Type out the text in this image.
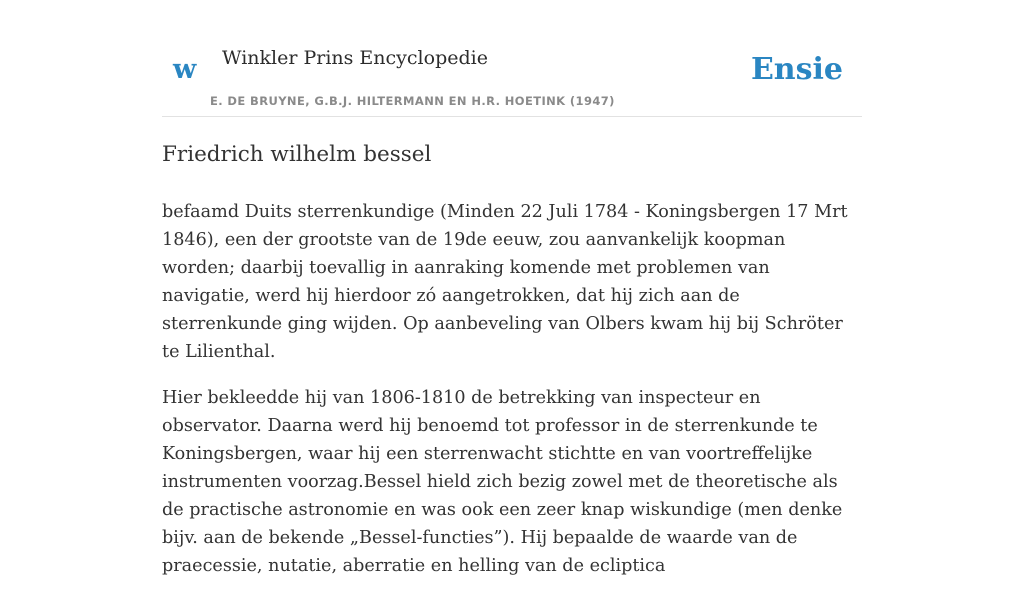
w Winkler Prins Encyclopedie
E. DE BRUYNE, G.B.J. HILTERMANN EN H.R. HOETINK (1947)
Ensie
Friedrich wilhelm bessel

befaamd Duits sterrenkundige (Minden 22 Juli 1784 - Koningsbergen 17 Mrt 1846), een der grootste van de 19de eeuw, zou aanvankelijk koopman worden; daarbij toevallig in aanraking komende met problemen van navigatie, werd hij hierdoor zó aangetrokken, dat hij zich aan de sterrenkunde ging wijden. Op aanbeveling van Olbers kwam hij bij Schröter te Lilienthal.

Hier bekleedde hij van 1806-1810 de betrekking van inspecteur en observator. Daarna werd hij benoemd tot professor in de sterrenkunde te Koningsbergen, waar hij een sterrenwacht stichtte en van voortreffelijke instrumenten voorzag.Bessel hield zich bezig zowel met de theoretische als de practische astronomie en was ook een zeer knap wiskundige (men denke bijv. aan de bekende „Bessel-functies”). Hij bepaalde de waarde van de praecessie, nutatie, aberratie en helling van de ecliptica
